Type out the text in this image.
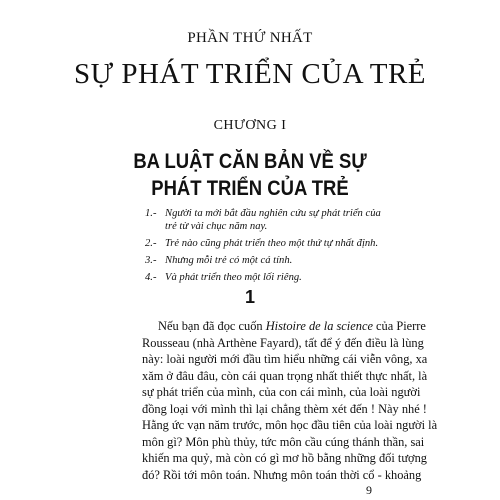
PHẦN THỨ NHẤT
SỰ PHÁT TRIỂN CỦA TRẺ
CHƯƠNG I
BA LUẬT CĂN BẢN VỀ SỰ
PHÁT TRIỂN CỦA TRẺ
1.- Người ta mới bắt đầu nghiên cứu sự phát triển của trẻ từ vài chục năm nay.
2.- Trẻ nào cũng phát triển theo một thứ tự nhất định.
3.- Nhưng mỗi trẻ có một cá tính.
4.- Và phát triển theo một lối riêng.
1
Nếu bạn đã đọc cuốn Histoire de la science của Pierre
Rousseau (nhà Arthène Fayard), tất để ý đến điều là lùng
này: loài người mới đầu tìm hiểu những cái viễn vông, xa
xăm ở đâu đâu, còn cái quan trọng nhất thiết thực nhất, là
sự phát triển của mình, của con cái mình, của loài người
đồng loại với mình thì lại chẳng thèm xét đến ! Này nhé !
Hằng ức vạn năm trước, môn học đầu tiên của loài người là
môn gì? Môn phù thủy, tức môn cầu cúng thánh thần, sai
khiến ma quỷ, mà còn có gì mơ hồ bằng những đối tượng
đó? Rồi tới môn toán. Nhưng môn toán thời cổ - khoảng
9
